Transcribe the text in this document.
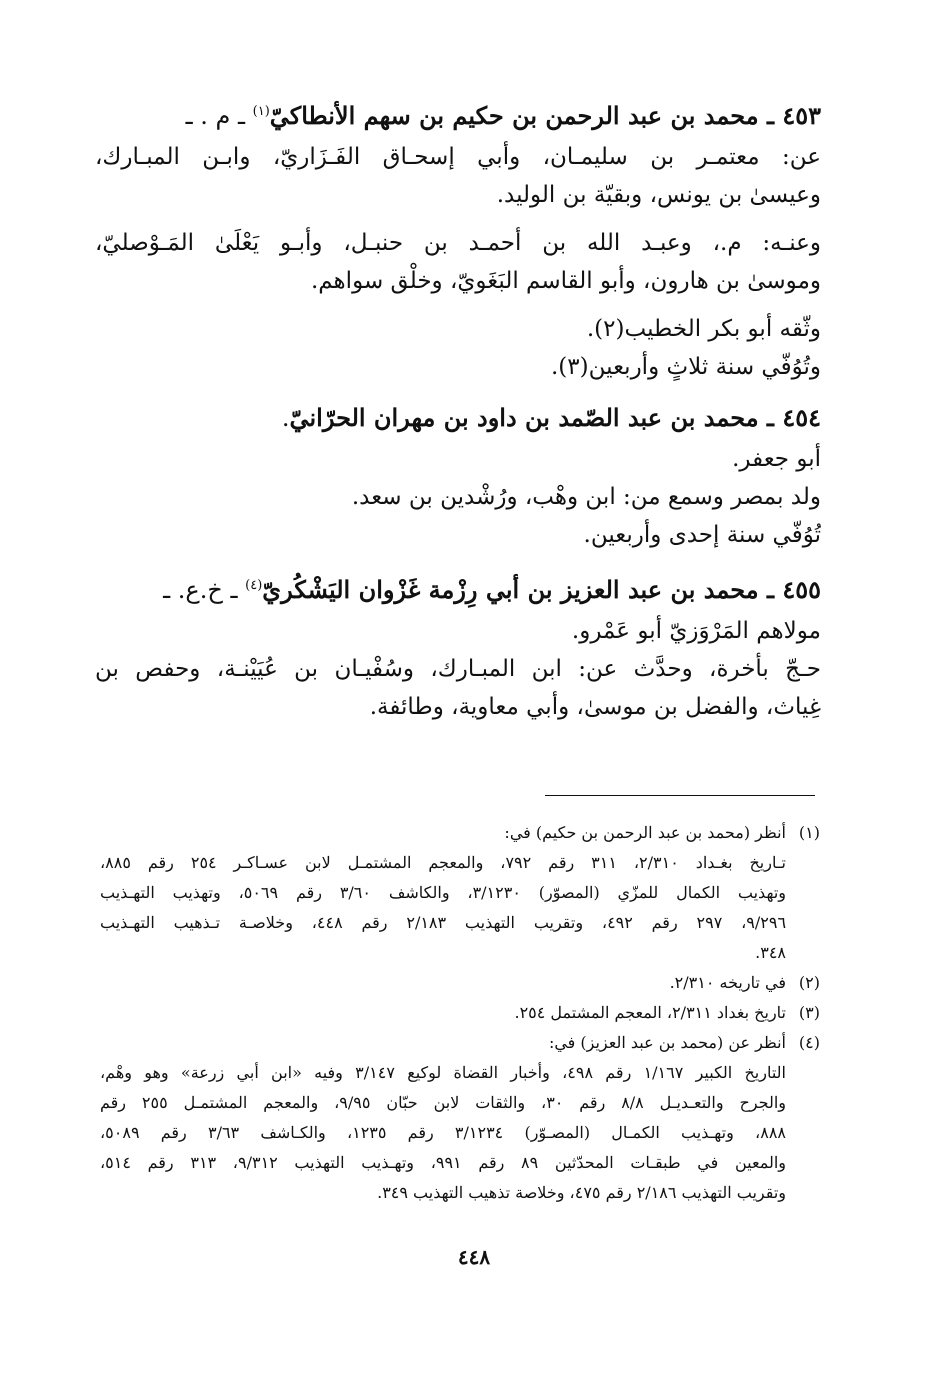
٤٥٣ ـ محمد بن عبد الرحمن بن حكيم بن سهم الأنطاكيّ$^{(١)}$ ـ م . ـ
عن: معتمـر بن سليمـان، وأبي إسحـاق الفَـزَاريّ، وابـن المبـارك،
وعيسىٰ بن يونس، وبقيّة بن الوليد.
وعنـه: م.، وعبـد الله بن أحمـد بن حنبـل، وأبـو يَعْلَىٰ المَـوْصليّ،
وموسىٰ بن هارون، وأبو القاسم البَغَويّ، وخلْق سواهم.
وثّقه أبو بكر الخطيب(٢).
وتُوُفّي سنة ثلاثٍ وأربعين(٣).
٤٥٤ ـ محمد بن عبد الصّمد بن داود بن مهران الحرّانيّ.
أبو جعفر.
ولد بمصر وسمع من: ابن وهْب، ورُشْدين بن سعد.
تُوُفّي سنة إحدى وأربعين.
٤٥٥ ـ محمد بن عبد العزيز بن أبي رِزْمة غَزْوان اليَشْكُريّ$^{(٤)}$ ـ خ.ع. ـ
مولاهم المَرْوَزيّ أبو عَمْرو.
حـجّ بأخرة، وحدَّث عن: ابن المبـارك، وسُفْيـان بن عُيَيْنـة، وحفص بن
غِياث، والفضل بن موسىٰ، وأبي معاوية، وطائفة.
(١)
أنظر (محمد بن عبد الرحمن بن حكيم) في:
تـاريخ بغـداد ٢/٣١٠، ٣١١ رقم ٧٩٢، والمعجم المشتمـل لابن عسـاكـر ٢٥٤ رقم ٨٨٥،
وتهذيب الكمال للمزّي (المصوّر) ٣/١٢٣٠، والكاشف ٣/٦٠ رقم ٥٠٦٩، وتهذيب التهـذيب
٩/٢٩٦، ٢٩٧ رقم ٤٩٢، وتقريب التهذيب ٢/١٨٣ رقم ٤٤٨، وخلاصـة تـذهيب التهـذيب
٣٤٨.
(٢)
في تاريخه ٢/٣١٠.
(٣)
تاريخ بغداد ٢/٣١١، المعجم المشتمل ٢٥٤.
(٤)
أنظر عن (محمد بن عبد العزيز) في:
التاريخ الكبير ١/١٦٧ رقم ٤٩٨، وأخبار القضاة لوكيع ٣/١٤٧ وفيه «ابن أبي زرعة» وهو وهْم،
والجرح والتعـديـل ٨/٨ رقم ٣٠، والثقات لابن حبّان ٩/٩٥، والمعجم المشتمـل ٢٥٥ رقم
٨٨٨، وتهـذيب الكمـال (المصـوّر) ٣/١٢٣٤ رقم ١٢٣٥، والكـاشف ٣/٦٣ رقم ٥٠٨٩،
والمعين في طبقـات المحدّثين ٨٩ رقم ٩٩١، وتهـذيب التهذيب ٩/٣١٢، ٣١٣ رقم ٥١٤،
وتقريب التهذيب ٢/١٨٦ رقم ٤٧٥، وخلاصة تذهيب التهذيب ٣٤٩.
٤٤٨
